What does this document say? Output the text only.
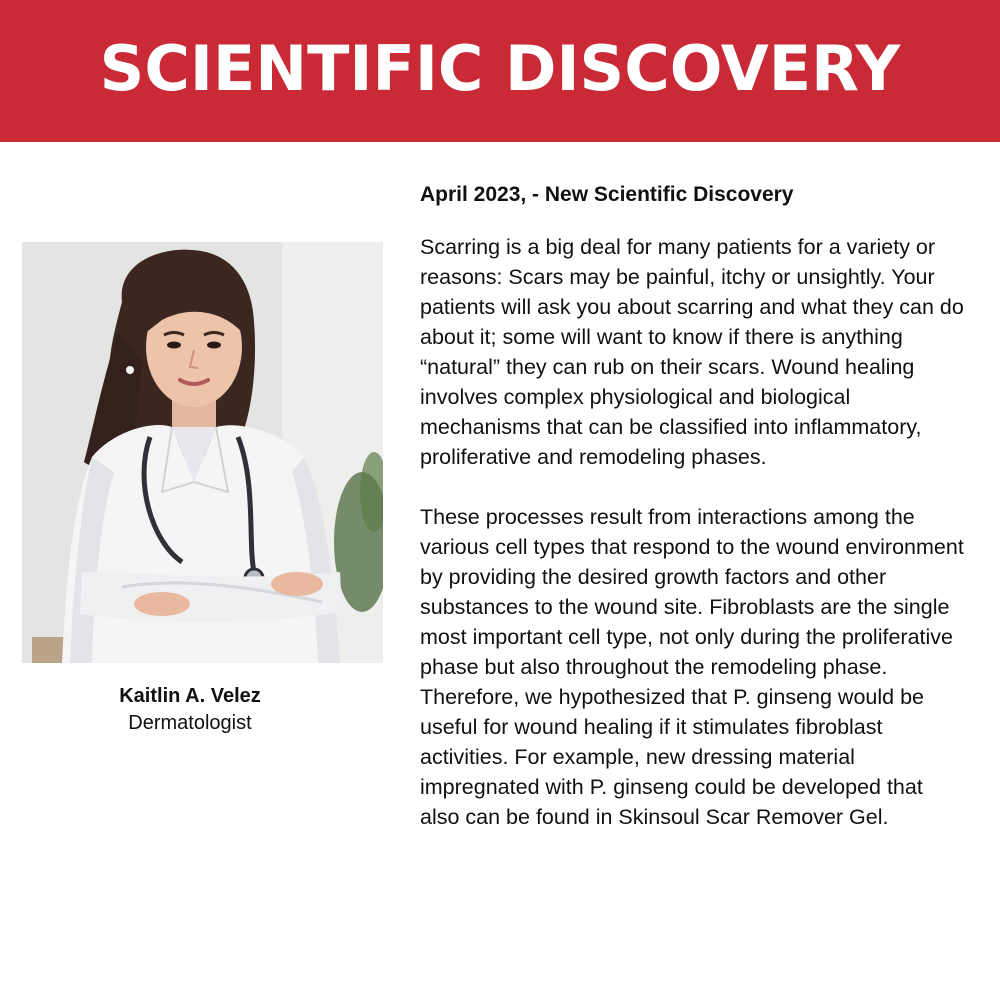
SCIENTIFIC DISCOVERY
Kaitlin A. Velez
Dermatologist

April 2023, - New Scientific Discovery

Scarring is a big deal for many patients for a variety or reasons: Scars may be painful, itchy or unsightly. Your patients will ask you about scarring and what they can do about it; some will want to know if there is anything “natural” they can rub on their scars. Wound healing involves complex physiological and biological mechanisms that can be classified into inflammatory, proliferative and remodeling phases.

These processes result from interactions among the various cell types that respond to the wound environment by providing the desired growth factors and other substances to the wound site. Fibroblasts are the single most important cell type, not only during the proliferative phase but also throughout the remodeling phase. Therefore, we hypothesized that P. ginseng would be useful for wound healing if it stimulates fibroblast activities. For example, new dressing material impregnated with P. ginseng could be developed that also can be found in Skinsoul Scar Remover Gel.
